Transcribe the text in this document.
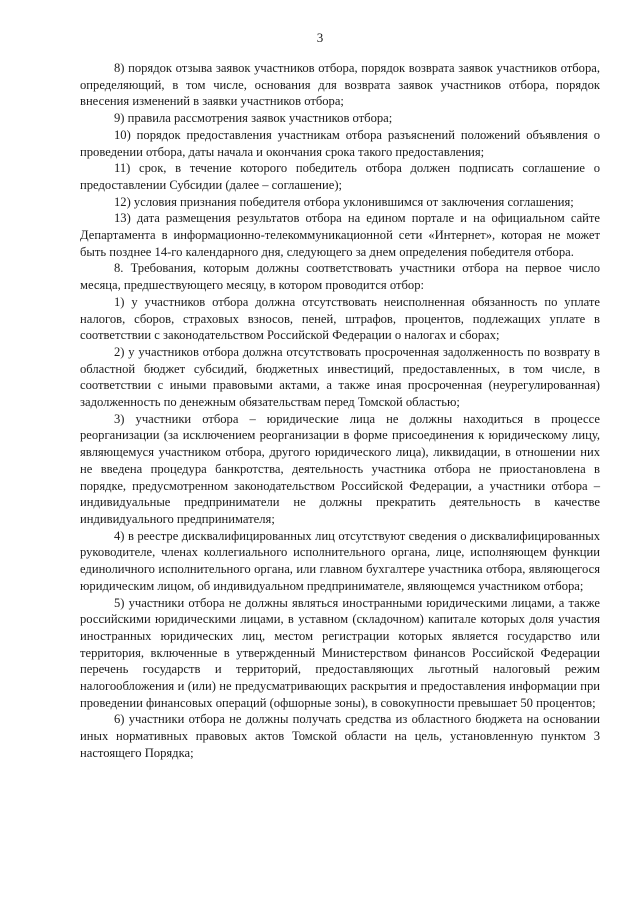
3

8) порядок отзыва заявок участников отбора, порядок возврата заявок участников отбора, определяющий, в том числе, основания для возврата заявок участников отбора, порядок внесения изменений в заявки участников отбора;

9) правила рассмотрения заявок участников отбора;

10) порядок предоставления участникам отбора разъяснений положений объявления о проведении отбора, даты начала и окончания срока такого предоставления;

11) срок, в течение которого победитель отбора должен подписать соглашение о предоставлении Субсидии (далее – соглашение);

12) условия признания победителя отбора уклонившимся от заключения соглашения;

13) дата размещения результатов отбора на едином портале и на официальном сайте Департамента в информационно-телекоммуникационной сети «Интернет», которая не может быть позднее 14-го календарного дня, следующего за днем определения победителя отбора.

8. Требования, которым должны соответствовать участники отбора на первое число месяца, предшествующего месяцу, в котором проводится отбор:

1) у участников отбора должна отсутствовать неисполненная обязанность по уплате налогов, сборов, страховых взносов, пеней, штрафов, процентов, подлежащих уплате в соответствии с законодательством Российской Федерации о налогах и сборах;

2) у участников отбора должна отсутствовать просроченная задолженность по возврату в областной бюджет субсидий, бюджетных инвестиций, предоставленных, в том числе, в соответствии с иными правовыми актами, а также иная просроченная (неурегулированная) задолженность по денежным обязательствам перед Томской областью;

3) участники отбора – юридические лица не должны находиться в процессе реорганизации (за исключением реорганизации в форме присоединения к юридическому лицу, являющемуся участником отбора, другого юридического лица), ликвидации, в отношении них не введена процедура банкротства, деятельность участника отбора не приостановлена в порядке, предусмотренном законодательством Российской Федерации, а участники отбора – индивидуальные предприниматели не должны прекратить деятельность в качестве индивидуального предпринимателя;

4) в реестре дисквалифицированных лиц отсутствуют сведения о дисквалифицированных руководителе, членах коллегиального исполнительного органа, лице, исполняющем функции единоличного исполнительного органа, или главном бухгалтере участника отбора, являющегося юридическим лицом, об индивидуальном предпринимателе, являющемся участником отбора;

5) участники отбора не должны являться иностранными юридическими лицами, а также российскими юридическими лицами, в уставном (складочном) капитале которых доля участия иностранных юридических лиц, местом регистрации которых является государство или территория, включенные в утвержденный Министерством финансов Российской Федерации перечень государств и территорий, предоставляющих льготный налоговый режим налогообложения и (или) не предусматривающих раскрытия и предоставления информации при проведении финансовых операций (офшорные зоны), в совокупности превышает 50 процентов;

6) участники отбора не должны получать средства из областного бюджета на основании иных нормативных правовых актов Томской области на цель, установленную пунктом 3 настоящего Порядка;
